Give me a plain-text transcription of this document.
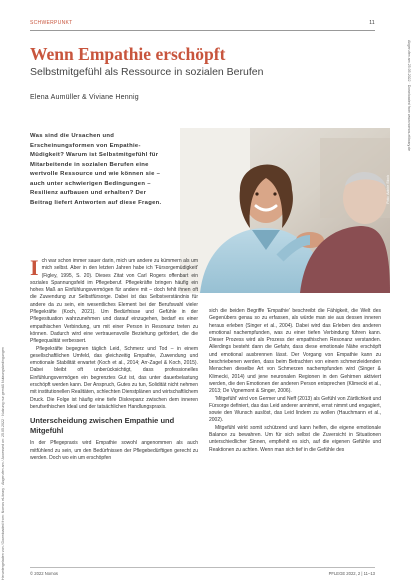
Heruntergeladen von / Downloaded from: Nomos eLibrary · Abgerufen am / Accessed on: 25.05.2022 · Nutzung nur gemäß Nutzungsbedingungen
Abgerufen am 25.05.2022 · Downloaded from www.nomos-elibrary.de
SCHWERPUNKT	11
Wenn Empathie erschöpft
Selbstmitgefühl als Ressource in sozialen Berufen
Elena Aumüller & Viviane Hennig
Was sind die Ursachen und Erscheinungsformen von Empathie-Müdigkeit? Warum ist Selbstmitgefühl für Mitarbeitende in sozialen Berufen eine wertvolle Ressource und wie können sie – auch unter schwierigen Bedingungen – Resilienz aufbauen und erhalten? Der Beitrag liefert Antworten auf diese Fragen.	Foto: Adobe Stock

Ich war schon immer sauer darin, mich um andere zu kümmern als um mich selbst. Aber in den letzten Jahren habe ich 'Fürsorgemüdigkeit' (Figley, 1995, S. 20). Dieses Zitat von Carl Rogers offenbart ein soziales Spannungsfeld im Pflegeberuf. Pflegekräfte bringen häufig ein hohes Maß an Einfühlungsvermögen für andere mit – doch fehlt ihnen oft die Zuwendung zur Selbstfürsorge. Dabei ist das Selbstverständnis für andere da zu sein, ein wesentliches Element bei der Berufswahl vieler Pflegekräfte (Koch, 2021). Um Bedürfnisse und Gefühle in der Pflegesituation wahrzunehmen und darauf einzugehen, bedarf es einer empathischen Verbindung, um mit einer Person in Resonanz treten zu können. Dadurch wird eine vertrauensvolle Beziehung gefördert, die die Pflegequalität verbessert.

Pflegekräfte begegnen täglich Leid, Schmerz und Tod – in einem gesellschaftlichen Umfeld, das gleichzeitig Empathie, Zuwendung und emotionale Stabilität erwartet (Koch et al., 2014; Arr-Zagel & Koch, 2015). Dabei bleibt oft unberücksichtigt, dass professionelles Einfühlungsvermögen ein begrenztes Gut ist, das unter dauerbelastung erschöpft werden kann. Der Anspruch, Gutes zu tun, Solidität nicht nehmen mit institutionellen Realitäten, schlechten Dienstplänen und wirtschaftlichem Druck. Die Folge ist häufig eine tiefe Diskrepanz zwischen dem inneren berufsethischen Ideal und der tatsächlichen Handlungspraxis.

Unterscheidung zwischen Empathie und Mitgefühl

In der Pflegepraxis wird Empathie sowohl angenommen als auch mitfühlend zu sein, um den Bedürfnissen der Pflegebedürftigen gerecht zu werden. Doch wo ein um erschöpfen

sich die beiden Begriffe 'Empathie' beschreibt die Fähigkeit, die Welt des Gegenübers genau so zu erfassen, als würde man sie aus dessen inneren heraus erleben (Singer et al., 2004). Dabei wird das Erleben des anderen emotional nachempfunden, was zu einer tiefen Verbindung führen kann. Dieser Prozess wird als Prozess der empathischen Resonanz verstanden. Allerdings besteht dann die Gefahr, dass diese emotionale Nähe erschöpft und emotional ausbrennen lässt. Der Vorgang von Empathie kann zu beschriebenen werden, dass beim Betrachten von einem schmerzleidenden Menschen dieselbe Art von Schmerzen nachempfunden wird (Singer & Klimecki, 2014) und jene neuronalen Regionen in den Gehirnen aktiviert werden, die den Emotionen der anderen Person entsprechen (Klimecki et al., 2013; De Vignemont & Singer, 2006).

'Mitgefühl' wird von Germer und Neff (2013) als Gefühl von Zärtlichkeit und Fürsorge definiert, das das Leid anderer annimmt, ernst nimmt und engagiert, sowie den Wunsch auslöst, das Leid lindern zu wollen (Hauchmann et al., 2002).

Mitgefühl wirkt somit schützend und kann helfen, die eigene emotionale Balance zu bewahren. Um für sich selbst die Zuversicht in Situationen unterschiedlicher Sinnen, empfiehlt es sich, auf die eigenen Gefühle und Reaktionen zu achten. Wenn man sich tief in die Gefühle des

© 2022 Nomos	PFLEGE 2022, 2 | 11–13
